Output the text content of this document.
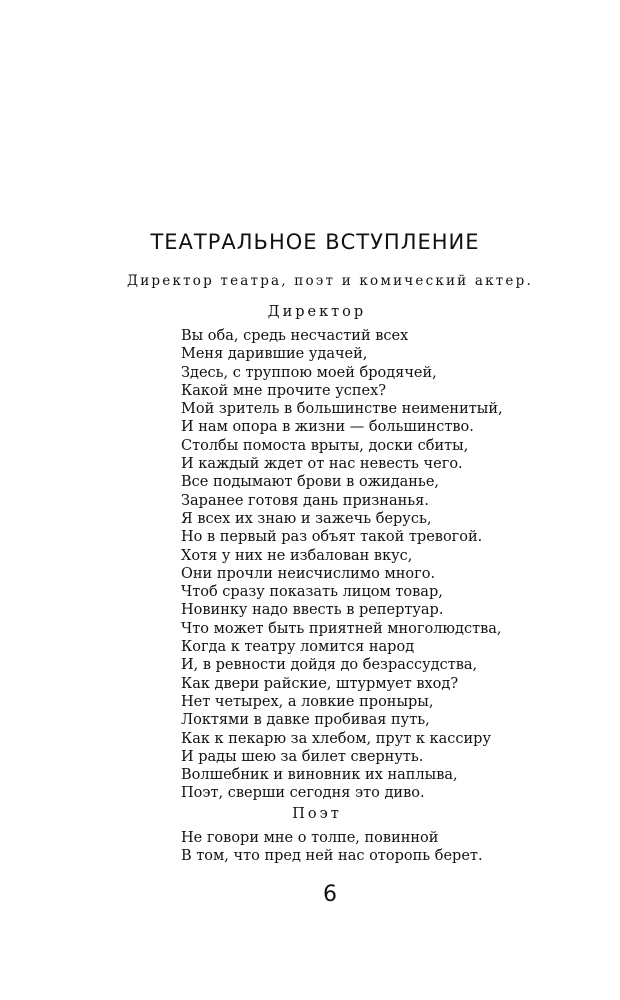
ТЕАТРАЛЬНОЕ ВСТУПЛЕНИЕ
Директор театра, поэт и комический актер.
Директор
Вы оба, средь несчастий всех
Меня дарившие удачей,
Здесь, с труппою моей бродячей,
Какой мне прочите успех?
Мой зритель в большинстве неименитый,
И нам опора в жизни — большинство.
Столбы помоста врыты, доски сбиты,
И каждый ждет от нас невесть чего.
Все подымают брови в ожиданье,
Заранее готовя дань признанья.
Я всех их знаю и зажечь берусь,
Но в первый раз объят такой тревогой.
Хотя у них не избалован вкус,
Они прочли неисчислимо много.
Чтоб сразу показать лицом товар,
Новинку надо ввесть в репертуар.
Что может быть приятней многолюдства,
Когда к театру ломится народ
И, в ревности дойдя до безрассудства,
Как двери райские, штурмует вход?
Нет четырех, а ловкие проныры,
Локтями в давке пробивая путь,
Как к пекарю за хлебом, прут к кассиру
И рады шею за билет свернуть.
Волшебник и виновник их наплыва,
Поэт, сверши сегодня это диво.
Поэт
Не говори мне о толпе, повинной
В том, что пред ней нас оторопь берет.
6
